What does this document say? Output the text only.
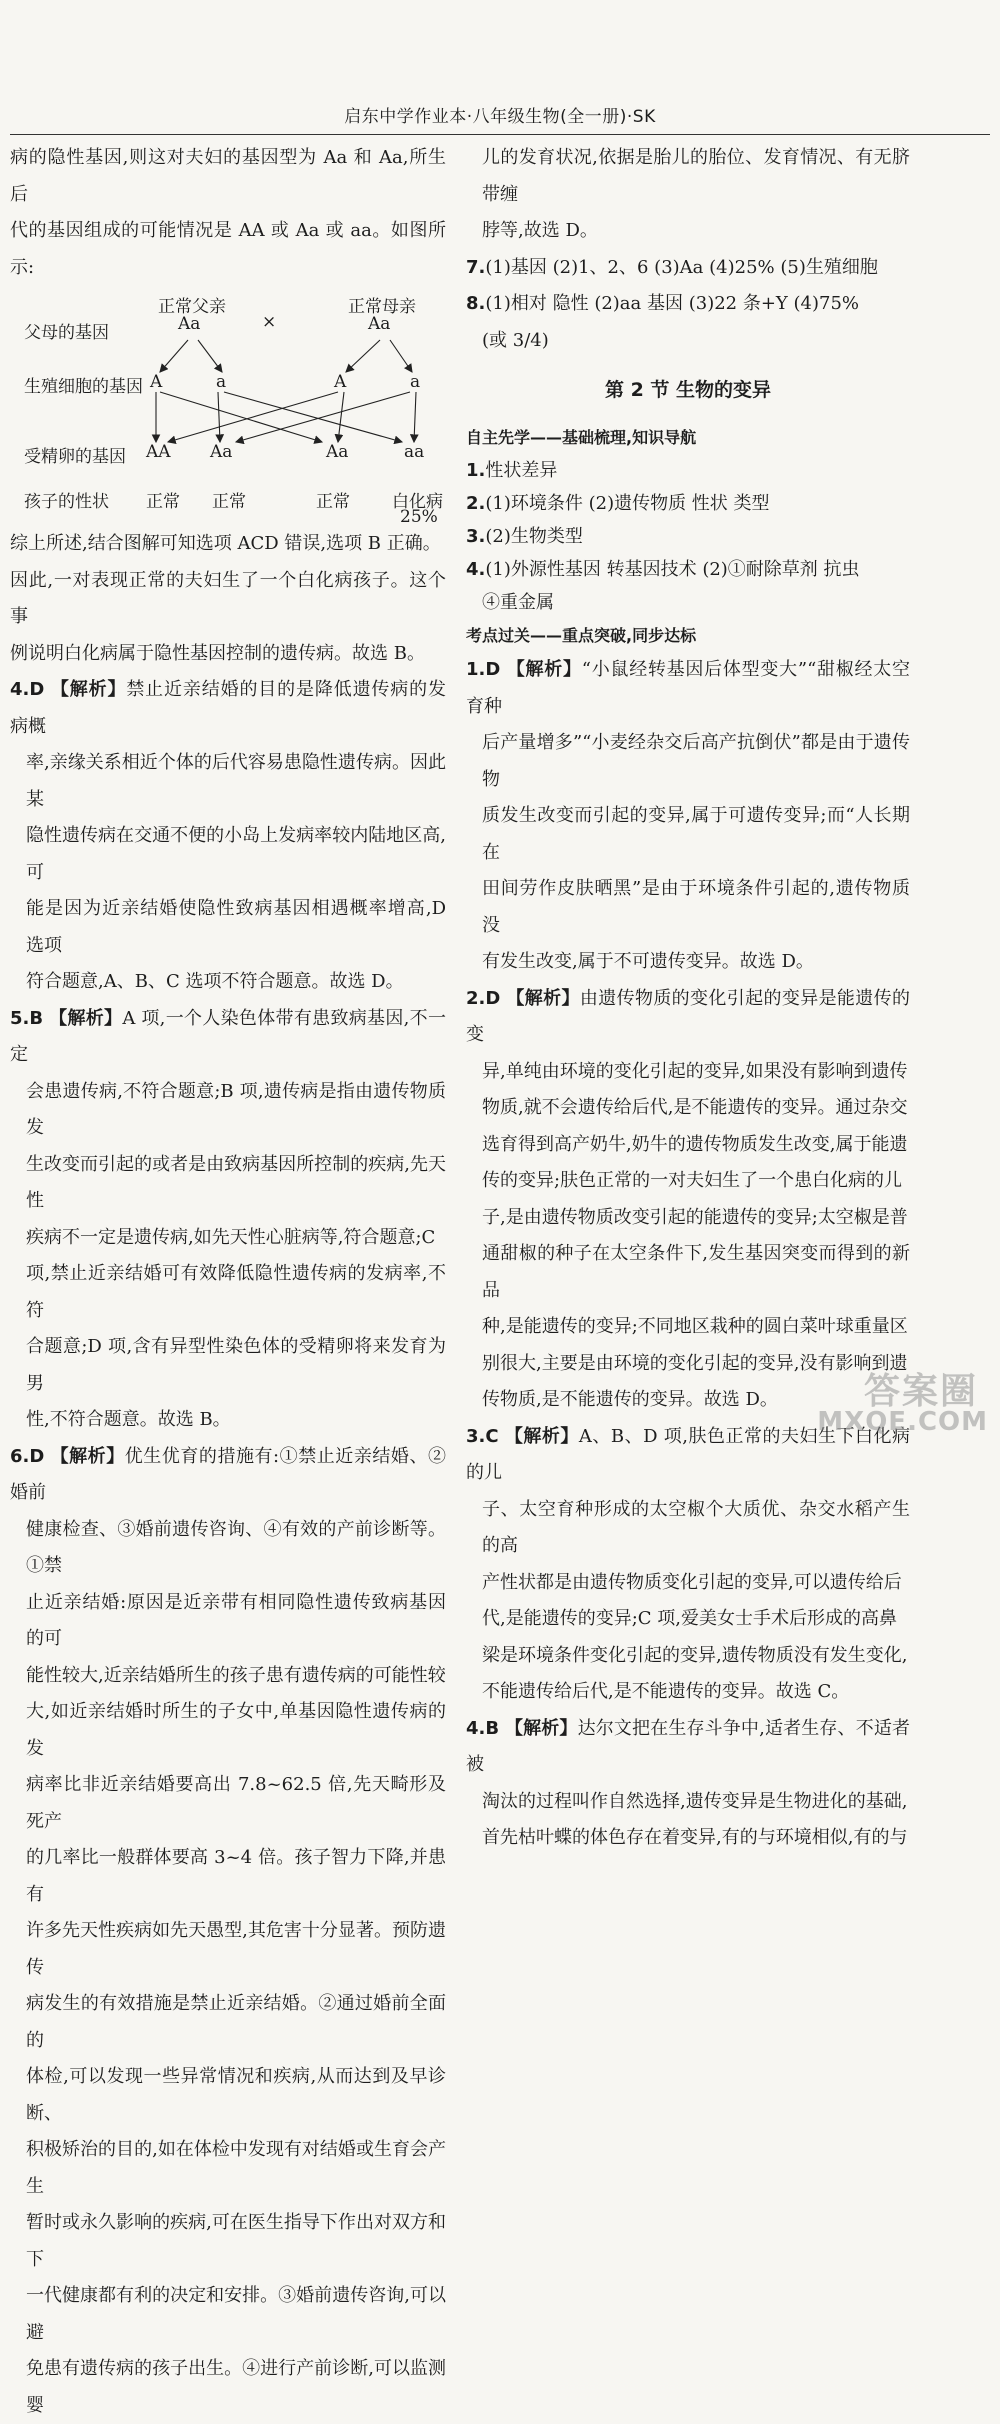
启东中学作业本·八年级生物(全一册)·SK

病的隐性基因,则这对夫妇的基因型为 Aa 和 Aa,所生后

代的基因组成的可能情况是 AA 或 Aa 或 aa。如图所示:

正常父亲	正常母亲
Aa	Aa
×
父母的基因
生殖细胞的基因 A	a	A	a
受精卵的基因 AA Aa	Aa	aa
孩子的性状 正常 正常	正常 白化病
25%

综上所述,结合图解可知选项 ACD 错误,选项 B 正确。

因此,一对表现正常的夫妇生了一个白化病孩子。这个事

例说明白化病属于隐性基因控制的遗传病。故选 B。

4.D 【解析】禁止近亲结婚的目的是降低遗传病的发病概

率,亲缘关系相近个体的后代容易患隐性遗传病。因此某

隐性遗传病在交通不便的小岛上发病率较内陆地区高,可

能是因为近亲结婚使隐性致病基因相遇概率增高,D 选项

符合题意,A、B、C 选项不符合题意。故选 D。

5.B 【解析】A 项,一个人染色体带有患致病基因,不一定

会患遗传病,不符合题意;B 项,遗传病是指由遗传物质发

生改变而引起的或者是由致病基因所控制的疾病,先天性

疾病不一定是遗传病,如先天性心脏病等,符合题意;C

项,禁止近亲结婚可有效降低隐性遗传病的发病率,不符

合题意;D 项,含有异型性染色体的受精卵将来发育为男

性,不符合题意。故选 B。

6.D 【解析】优生优育的措施有:①禁止近亲结婚、②婚前

健康检查、③婚前遗传咨询、④有效的产前诊断等。①禁

止近亲结婚:原因是近亲带有相同隐性遗传致病基因的可

能性较大,近亲结婚所生的孩子患有遗传病的可能性较

大,如近亲结婚时所生的子女中,单基因隐性遗传病的发

病率比非近亲结婚要高出 7.8~62.5 倍,先天畸形及死产

的几率比一般群体要高 3~4 倍。孩子智力下降,并患有

许多先天性疾病如先天愚型,其危害十分显著。预防遗传

病发生的有效措施是禁止近亲结婚。②通过婚前全面的

体检,可以发现一些异常情况和疾病,从而达到及早诊断、

积极矫治的目的,如在体检中发现有对结婚或生育会产生

暂时或永久影响的疾病,可在医生指导下作出对双方和下

一代健康都有利的决定和安排。③婚前遗传咨询,可以避

免患有遗传病的孩子出生。④进行产前诊断,可以监测婴

儿的发育状况,依据是胎儿的胎位、发育情况、有无脐带缠

脖等,故选 D。

7.(1)基因 (2)1、2、6 (3)Aa (4)25% (5)生殖细胞

8.(1)相对 隐性 (2)aa 基因 (3)22 条+Y (4)75%

(或 3/4)

第 2 节 生物的变异
自主先学——基础梳理,知识导航

1.性状差异

2.(1)环境条件 (2)遗传物质 性状 类型

3.(2)生物类型

4.(1)外源性基因 转基因技术 (2)①耐除草剂 抗虫

④重金属

考点过关——重点突破,同步达标

1.D 【解析】“小鼠经转基因后体型变大”“甜椒经太空育种

后产量增多”“小麦经杂交后高产抗倒伏”都是由于遗传物

质发生改变而引起的变异,属于可遗传变异;而“人长期在

田间劳作皮肤晒黑”是由于环境条件引起的,遗传物质没

有发生改变,属于不可遗传变异。故选 D。

2.D 【解析】由遗传物质的变化引起的变异是能遗传的变

异,单纯由环境的变化引起的变异,如果没有影响到遗传

物质,就不会遗传给后代,是不能遗传的变异。通过杂交

选育得到高产奶牛,奶牛的遗传物质发生改变,属于能遗

传的变异;肤色正常的一对夫妇生了一个患白化病的儿

子,是由遗传物质改变引起的能遗传的变异;太空椒是普

通甜椒的种子在太空条件下,发生基因突变而得到的新品

种,是能遗传的变异;不同地区栽种的圆白菜叶球重量区

别很大,主要是由环境的变化引起的变异,没有影响到遗

传物质,是不能遗传的变异。故选 D。

3.C 【解析】A、B、D 项,肤色正常的夫妇生下白化病的儿

子、太空育种形成的太空椒个大质优、杂交水稻产生的高

产性状都是由遗传物质变化引起的变异,可以遗传给后

代,是能遗传的变异;C 项,爱美女士手术后形成的高鼻

梁是环境条件变化引起的变异,遗传物质没有发生变化,

不能遗传给后代,是不能遗传的变异。故选 C。

4.B 【解析】达尔文把在生存斗争中,适者生存、不适者被

淘汰的过程叫作自然选择,遗传变异是生物进化的基础,

首先枯叶蝶的体色存在着变异,有的与环境相似,有的与

答案圈
MXQE.COM
